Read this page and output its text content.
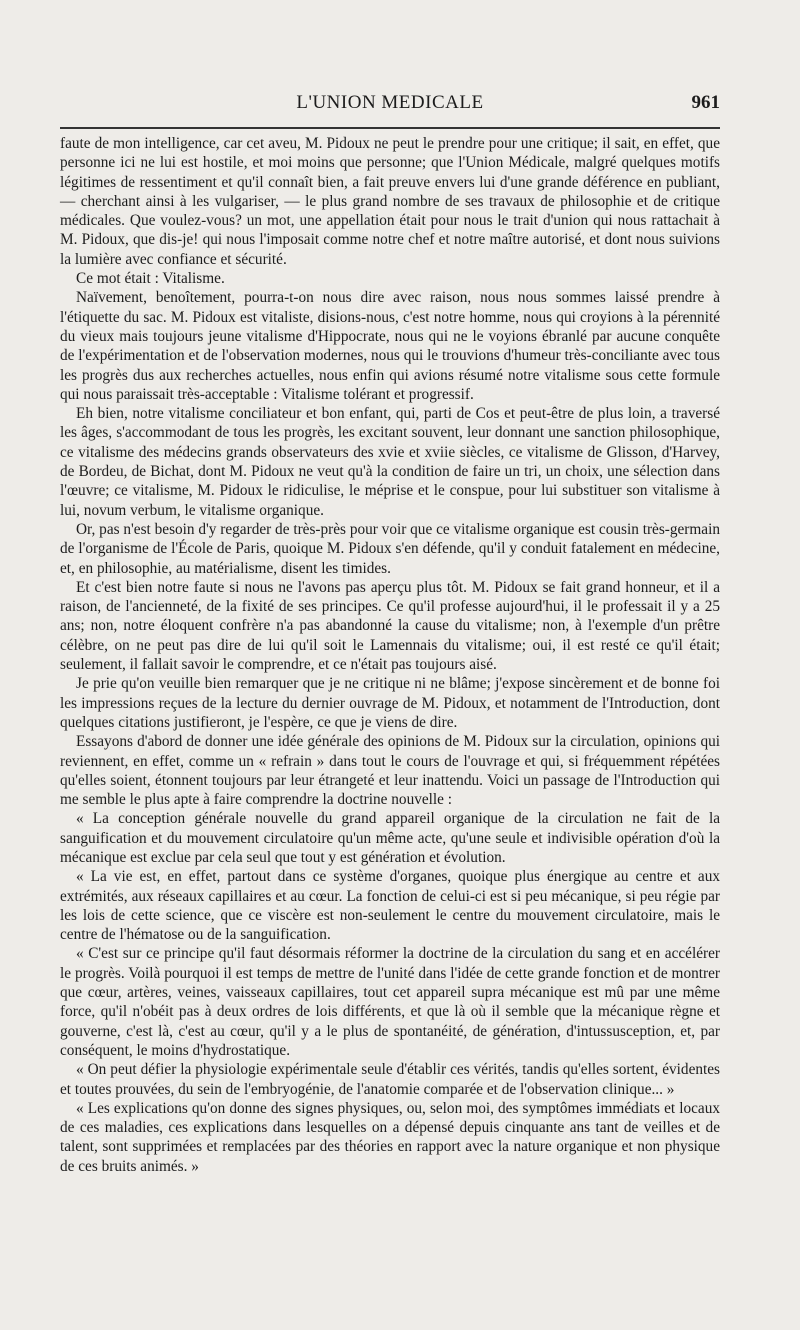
L'UNION MEDICALE	961

faute de mon intelligence, car cet aveu, M. Pidoux ne peut le prendre pour une critique; il sait, en effet, que personne ici ne lui est hostile, et moi moins que personne; que l'Union Médicale, malgré quelques motifs légitimes de ressentiment et qu'il connaît bien, a fait preuve envers lui d'une grande déférence en publiant, — cherchant ainsi à les vulgariser, — le plus grand nombre de ses travaux de philosophie et de critique médicales. Que voulez-vous? un mot, une appellation était pour nous le trait d'union qui nous rattachait à M. Pidoux, que dis-je! qui nous l'imposait comme notre chef et notre maître autorisé, et dont nous suivions la lumière avec confiance et sécurité.

Ce mot était : Vitalisme.

Naïvement, benoîtement, pourra-t-on nous dire avec raison, nous nous sommes laissé prendre à l'étiquette du sac. M. Pidoux est vitaliste, disions-nous, c'est notre homme, nous qui croyions à la pérennité du vieux mais toujours jeune vitalisme d'Hippocrate, nous qui ne le voyions ébranlé par aucune conquête de l'expérimentation et de l'observation modernes, nous qui le trouvions d'humeur très-conciliante avec tous les progrès dus aux recherches actuelles, nous enfin qui avions résumé notre vitalisme sous cette formule qui nous paraissait très-acceptable : Vitalisme tolérant et progressif.

Eh bien, notre vitalisme conciliateur et bon enfant, qui, parti de Cos et peut-être de plus loin, a traversé les âges, s'accommodant de tous les progrès, les excitant souvent, leur donnant une sanction philosophique, ce vitalisme des médecins grands observateurs des xvie et xviie siècles, ce vitalisme de Glisson, d'Harvey, de Bordeu, de Bichat, dont M. Pidoux ne veut qu'à la condition de faire un tri, un choix, une sélection dans l'œuvre; ce vitalisme, M. Pidoux le ridiculise, le méprise et le conspue, pour lui substituer son vitalisme à lui, novum verbum, le vitalisme organique.

Or, pas n'est besoin d'y regarder de très-près pour voir que ce vitalisme organique est cousin très-germain de l'organisme de l'École de Paris, quoique M. Pidoux s'en défende, qu'il y conduit fatalement en médecine, et, en philosophie, au matérialisme, disent les timides.

Et c'est bien notre faute si nous ne l'avons pas aperçu plus tôt. M. Pidoux se fait grand honneur, et il a raison, de l'ancienneté, de la fixité de ses principes. Ce qu'il professe aujourd'hui, il le professait il y a 25 ans; non, notre éloquent confrère n'a pas abandonné la cause du vitalisme; non, à l'exemple d'un prêtre célèbre, on ne peut pas dire de lui qu'il soit le Lamennais du vitalisme; oui, il est resté ce qu'il était; seulement, il fallait savoir le comprendre, et ce n'était pas toujours aisé.

Je prie qu'on veuille bien remarquer que je ne critique ni ne blâme; j'expose sincèrement et de bonne foi les impressions reçues de la lecture du dernier ouvrage de M. Pidoux, et notamment de l'Introduction, dont quelques citations justifieront, je l'espère, ce que je viens de dire.

Essayons d'abord de donner une idée générale des opinions de M. Pidoux sur la circulation, opinions qui reviennent, en effet, comme un « refrain » dans tout le cours de l'ouvrage et qui, si fréquemment répétées qu'elles soient, étonnent toujours par leur étrangeté et leur inattendu. Voici un passage de l'Introduction qui me semble le plus apte à faire comprendre la doctrine nouvelle :

« La conception générale nouvelle du grand appareil organique de la circulation ne fait de la sanguification et du mouvement circulatoire qu'un même acte, qu'une seule et indivisible opération d'où la mécanique est exclue par cela seul que tout y est génération et évolution.

« La vie est, en effet, partout dans ce système d'organes, quoique plus énergique au centre et aux extrémités, aux réseaux capillaires et au cœur. La fonction de celui-ci est si peu mécanique, si peu régie par les lois de cette science, que ce viscère est non-seulement le centre du mouvement circulatoire, mais le centre de l'hématose ou de la sanguification.

« C'est sur ce principe qu'il faut désormais réformer la doctrine de la circulation du sang et en accélérer le progrès. Voilà pourquoi il est temps de mettre de l'unité dans l'idée de cette grande fonction et de montrer que cœur, artères, veines, vaisseaux capillaires, tout cet appareil supra mécanique est mû par une même force, qu'il n'obéit pas à deux ordres de lois différents, et que là où il semble que la mécanique règne et gouverne, c'est là, c'est au cœur, qu'il y a le plus de spontanéité, de génération, d'intussusception, et, par conséquent, le moins d'hydrostatique.

« On peut défier la physiologie expérimentale seule d'établir ces vérités, tandis qu'elles sortent, évidentes et toutes prouvées, du sein de l'embryogénie, de l'anatomie comparée et de l'observation clinique... »

« Les explications qu'on donne des signes physiques, ou, selon moi, des symptômes immédiats et locaux de ces maladies, ces explications dans lesquelles on a dépensé depuis cinquante ans tant de veilles et de talent, sont supprimées et remplacées par des théories en rapport avec la nature organique et non physique de ces bruits animés. »
